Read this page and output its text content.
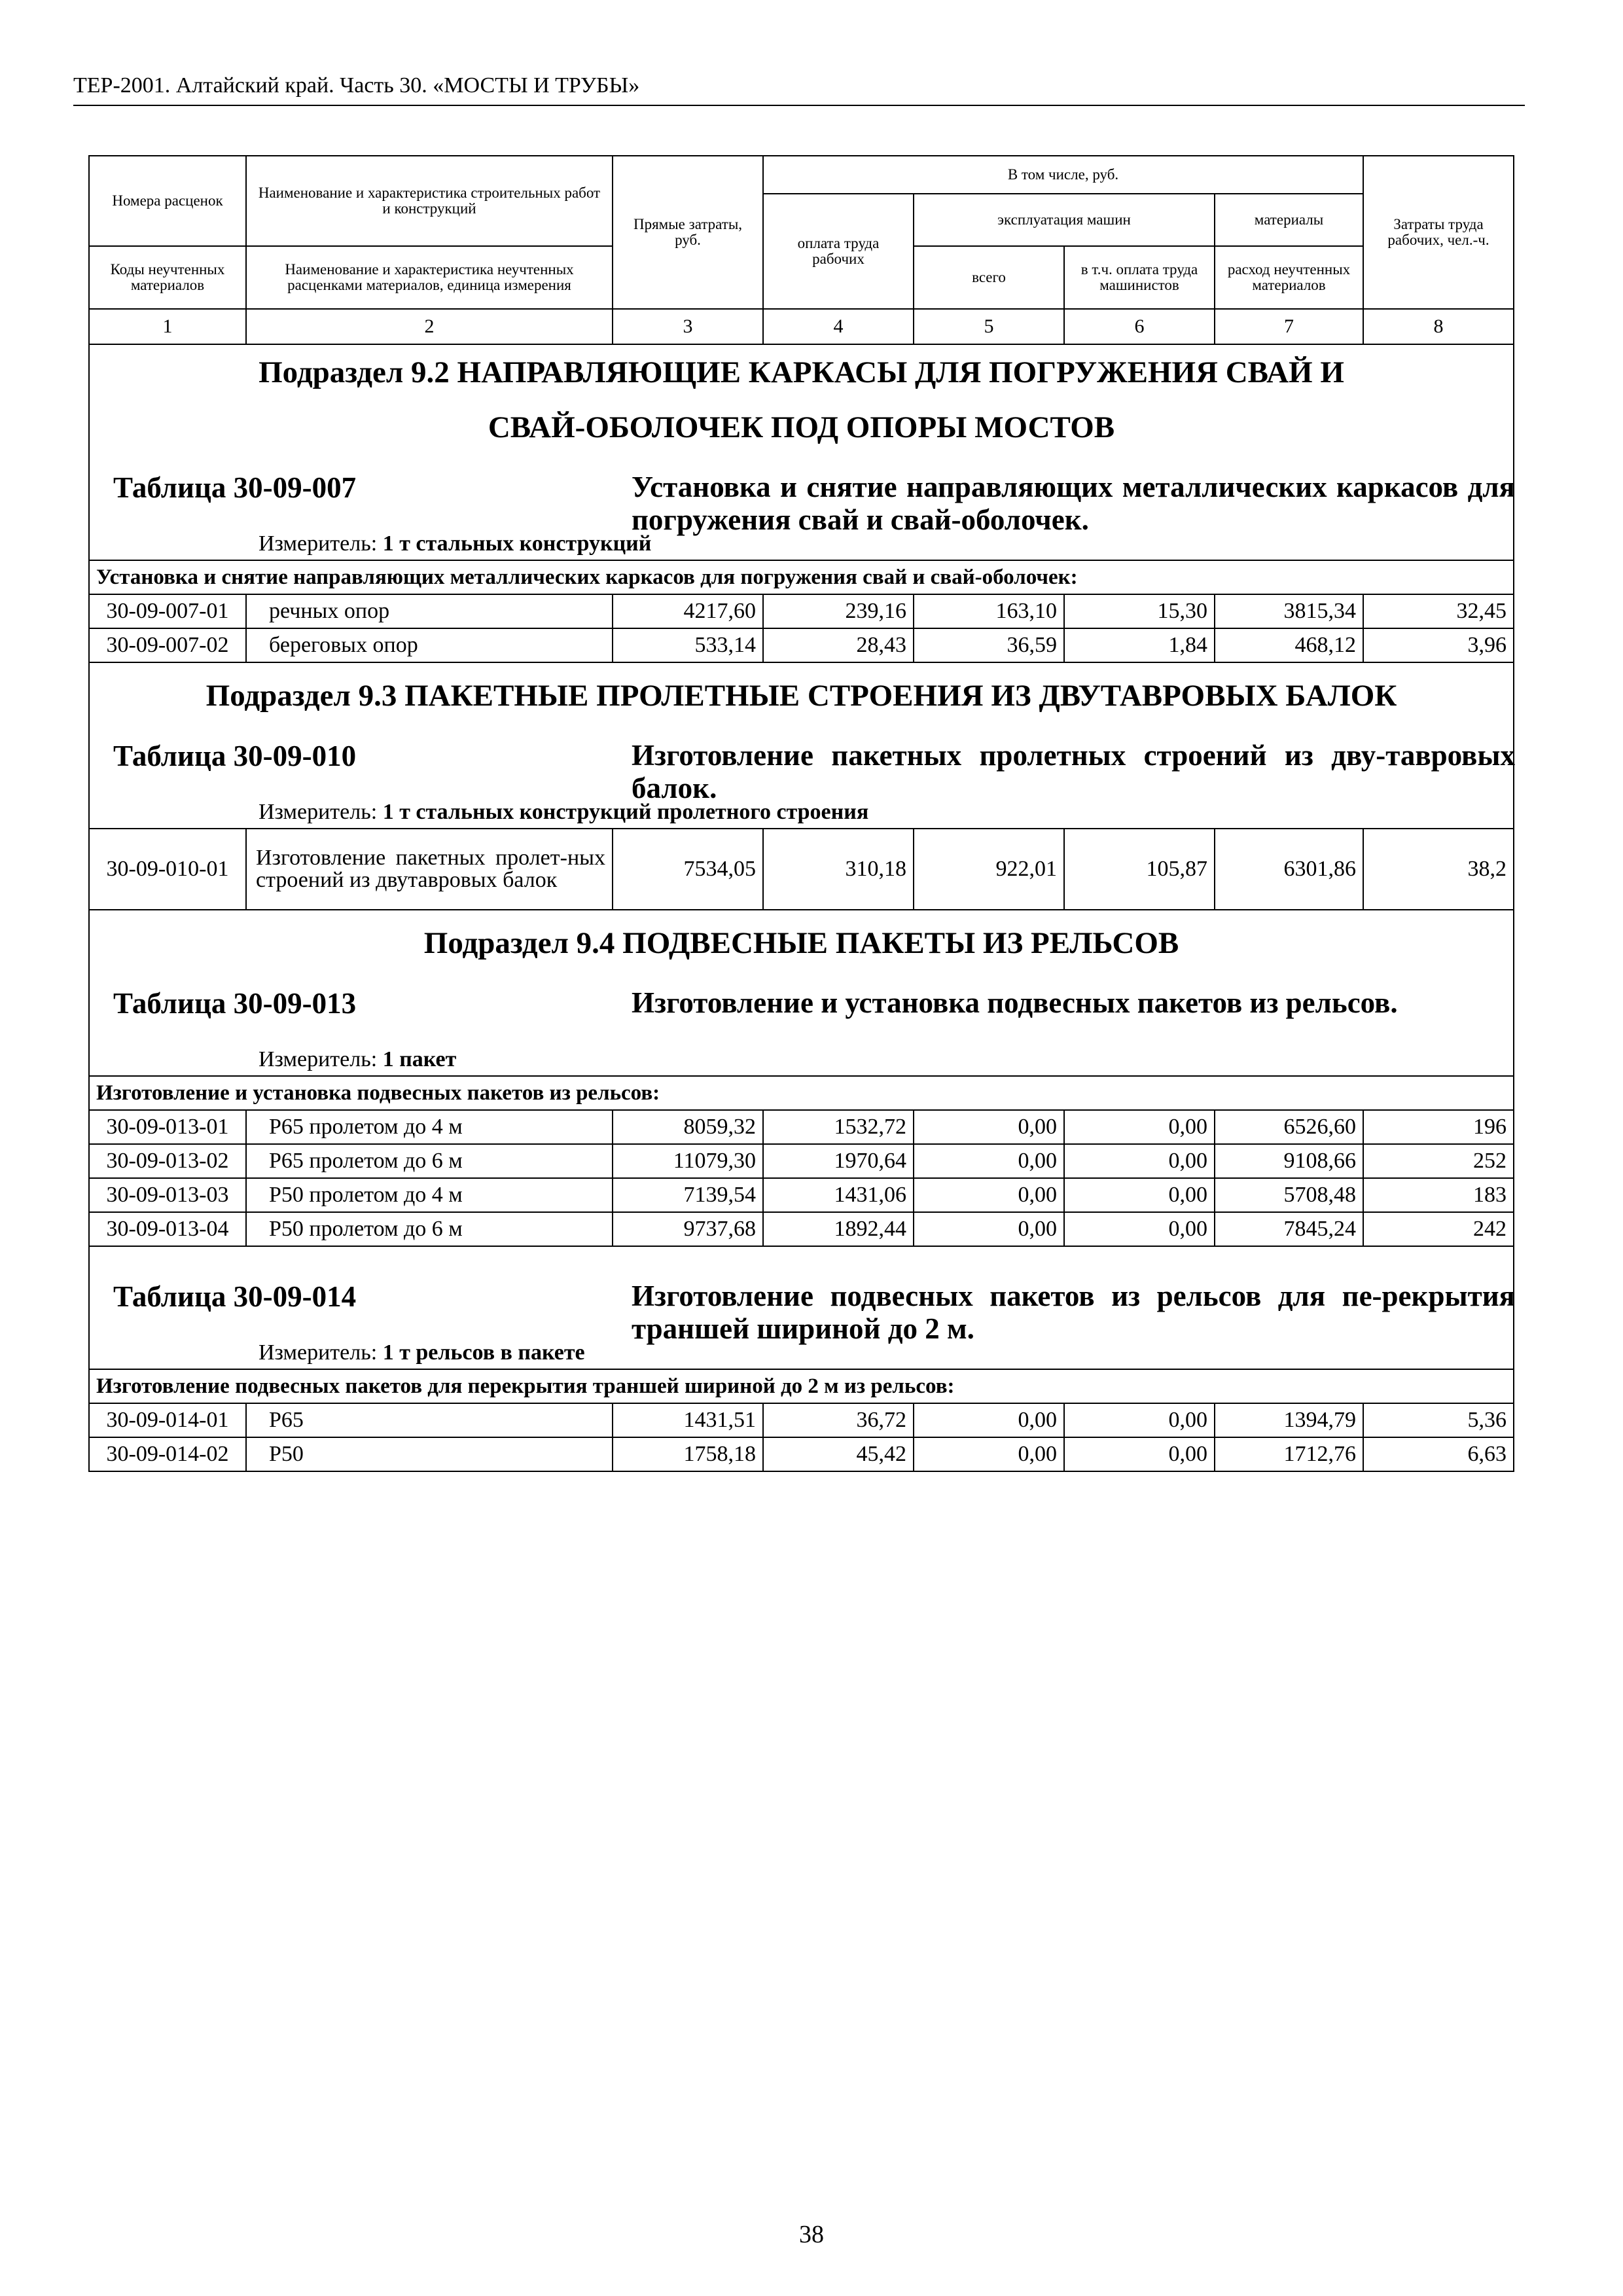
ТЕР-2001. Алтайский край. Часть 30. «МОСТЫ И ТРУБЫ»
Номера расценок	Наименование и характеристика строительных работ и конструкций	Прямые затраты, руб.	В том числе, руб.				Затраты труда рабочих, чел.-ч.
			оплата труда рабочих	эксплуатация машин		материалы	
Коды неучтенных материалов	Наименование и характеристика неучтенных расценками материалов, единица измерения			всего	в т.ч. оплата труда машинистов	расход неучтенных материалов	
1	2	3	4	5	6	7	8

Подраздел 9.2 НАПРАВЛЯЮЩИЕ КАРКАСЫ ДЛЯ ПОГРУЖЕНИЯ СВАЙ И
СВАЙ-ОБОЛОЧЕК ПОД ОПОРЫ МОСТОВ
Таблица 30-09-007 Установка и снятие направляющих металлических каркасов для погружения свай и свай-оболочек.
Измеритель: 1 т стальных конструкций							

Установка и снятие направляющих металлических каркасов для погружения свай и свай-оболочек:							
30-09-007-01	речных опор	4217,60	239,16	163,10	15,30	3815,34	32,45
30-09-007-02	береговых опор	533,14	28,43	36,59	1,84	468,12	3,96

Подраздел 9.3 ПАКЕТНЫЕ ПРОЛЕТНЫЕ СТРОЕНИЯ ИЗ ДВУТАВРОВЫХ БАЛОК
Таблица 30-09-010 Изготовление пакетных пролетных строений из дву-тавровых балок.
Измеритель: 1 т стальных конструкций пролетного строения							

30-09-010-01	Изготовление пакетных пролет-ных строений из двутавровых балок	7534,05	310,18	922,01	105,87	6301,86	38,2

Подраздел 9.4 ПОДВЕСНЫЕ ПАКЕТЫ ИЗ РЕЛЬСОВ
Таблица 30-09-013 Изготовление и установка подвесных пакетов из рельсов.
Измеритель: 1 пакет							

Изготовление и установка подвесных пакетов из рельсов:							
30-09-013-01	Р65 пролетом до 4 м	8059,32	1532,72	0,00	0,00	6526,60	196
30-09-013-02	Р65 пролетом до 6 м	11079,30	1970,64	0,00	0,00	9108,66	252
30-09-013-03	Р50 пролетом до 4 м	7139,54	1431,06	0,00	0,00	5708,48	183
30-09-013-04	Р50 пролетом до 6 м	9737,68	1892,44	0,00	0,00	7845,24	242

Таблица 30-09-014 Изготовление подвесных пакетов из рельсов для пе-рекрытия траншей шириной до 2 м.
Измеритель: 1 т рельсов в пакете							

Изготовление подвесных пакетов для перекрытия траншей шириной до 2 м из рельсов:							
30-09-014-01	Р65	1431,51	36,72	0,00	0,00	1394,79	5,36
30-09-014-02	Р50	1758,18	45,42	0,00	0,00	1712,76	6,63
38
